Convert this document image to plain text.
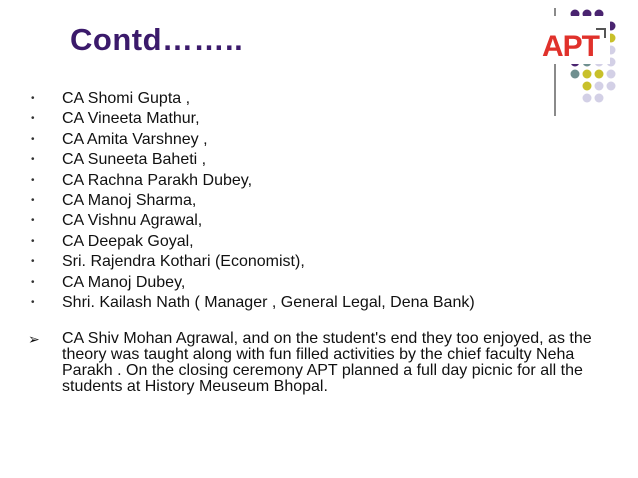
Contd……..	APT
• CA Shomi Gupta ,
• CA Vineeta Mathur,
• CA Amita Varshney ,
• CA Suneeta Baheti ,
• CA Rachna Parakh Dubey,
• CA Manoj Sharma,
• CA Vishnu Agrawal,
• CA Deepak Goyal,
• Sri. Rajendra Kothari (Economist),
• CA Manoj Dubey,
• Shri. Kailash Nath ( Manager , General Legal, Dena Bank)
➢ CA Shiv Mohan Agrawal, and on the student's end they too enjoyed, as the theory was taught along with fun filled activities by the chief faculty Neha Parakh . On the closing ceremony APT planned a full day picnic for all the students at History Meuseum Bhopal.
